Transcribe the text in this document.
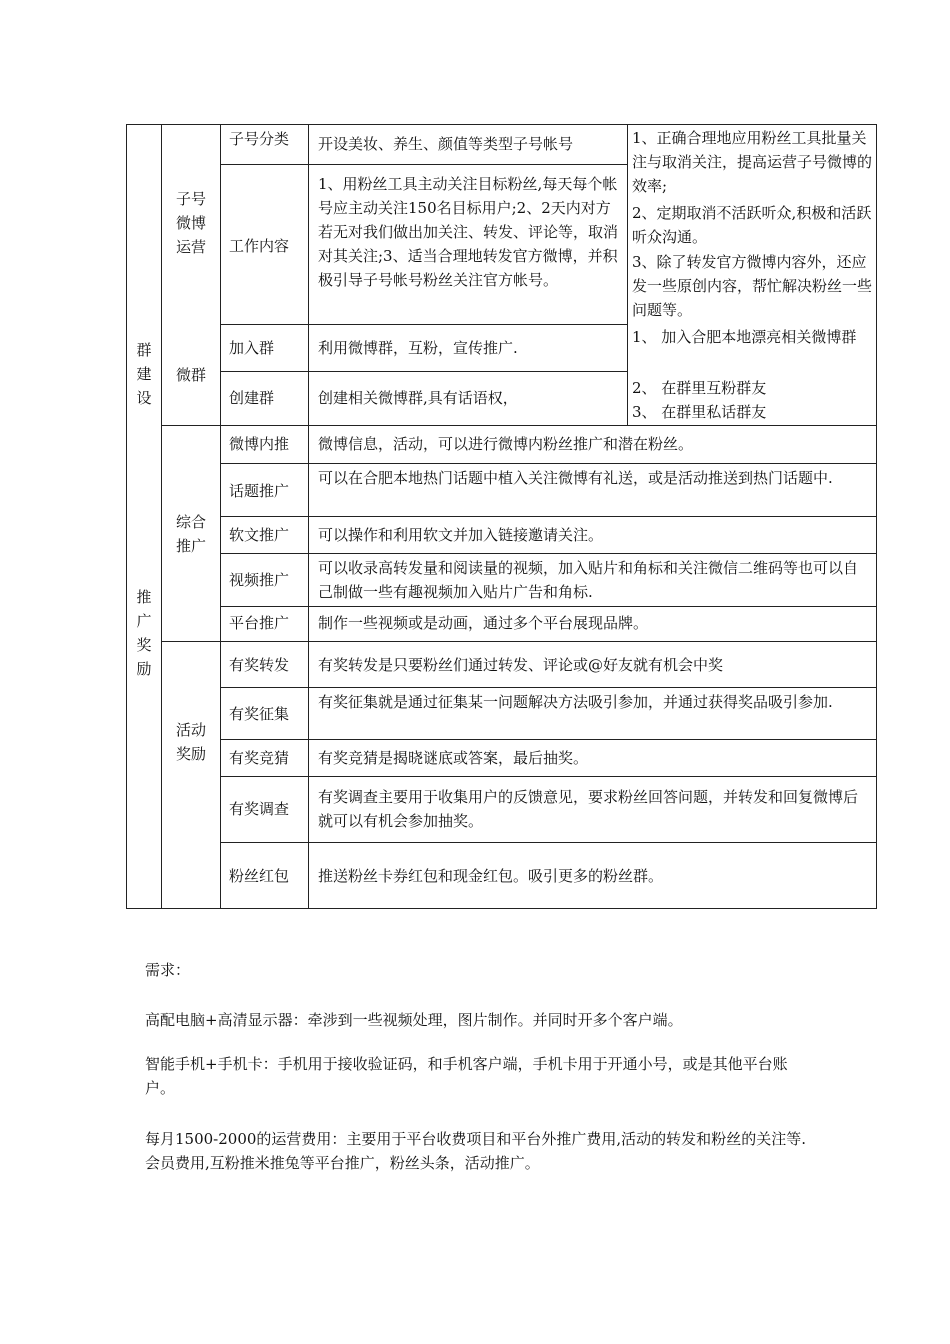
群建设
推广奖励
子号微博运营
微群
综合推广
活动奖励
子号分类
工作内容
加入群
创建群
微博内推
话题推广
软文推广
视频推广
平台推广
有奖转发
有奖征集
有奖竞猜
有奖调查
粉丝红包
开设美妆、养生、颜值等类型子号帐号
1、用粉丝工具主动关注目标粉丝,每天每个帐号应主动关注150名目标用户;2、2天内对方若无对我们做出加关注、转发、评论等，取消对其关注;3、适当合理地转发官方微博，并积极引导子号帐号粉丝关注官方帐号。
利用微博群，互粉，宣传推广.
创建相关微博群,具有话语权，
微博信息，活动，可以进行微博内粉丝推广和潜在粉丝。
可以在合肥本地热门话题中植入关注微博有礼送，或是活动推送到热门话题中.
可以操作和利用软文并加入链接邀请关注。
可以收录高转发量和阅读量的视频，加入贴片和角标和关注微信二维码等也可以自己制做一些有趣视频加入贴片广告和角标.
制作一些视频或是动画，通过多个平台展现品牌。
有奖转发是只要粉丝们通过转发、评论或@好友就有机会中奖
有奖征集就是通过征集某一问题解决方法吸引参加，并通过获得奖品吸引参加.
有奖竞猜是揭晓谜底或答案，最后抽奖。
有奖调查主要用于收集用户的反馈意见，要求粉丝回答问题，并转发和回复微博后就可以有机会参加抽奖。
推送粉丝卡券红包和现金红包。吸引更多的粉丝群。
1、正确合理地应用粉丝工具批量关注与取消关注，提高运营子号微博的效率;
2、定期取消不活跃听众,积极和活跃听众沟通。
3、除了转发官方微博内容外，还应发一些原创内容，帮忙解决粉丝一些问题等。
1、 加入合肥本地漂亮相关微博群
2、 在群里互粉群友
3、 在群里私话群友
需求：
高配电脑+高清显示器：牵涉到一些视频处理，图片制作。并同时开多个客户端。
智能手机+手机卡：手机用于接收验证码，和手机客户端，手机卡用于开通小号，或是其他平台账户。
每月1500-2000的运营费用：主要用于平台收费项目和平台外推广费用,活动的转发和粉丝的关注等.会员费用,互粉推米推兔等平台推广，粉丝头条，活动推广。
